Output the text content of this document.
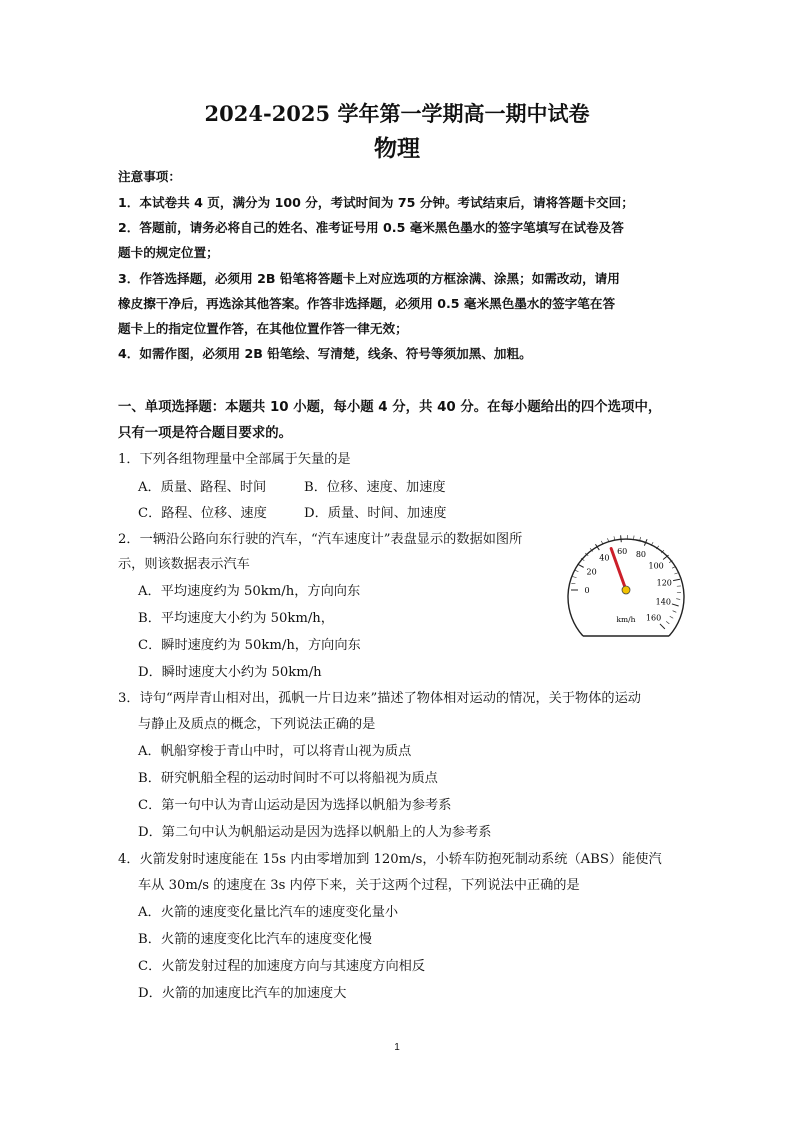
2024-2025 学年第一学期高一期中试卷
物理
注意事项：
1．本试卷共 4 页，满分为 100 分，考试时间为 75 分钟。考试结束后，请将答题卡交回；
2．答题前，请务必将自己的姓名、准考证号用 0.5 毫米黑色墨水的签字笔填写在试卷及答
题卡的规定位置；
3．作答选择题，必须用 2B 铅笔将答题卡上对应选项的方框涂满、涂黑；如需改动，请用
橡皮擦干净后，再选涂其他答案。作答非选择题，必须用 0.5 毫米黑色墨水的签字笔在答
题卡上的指定位置作答，在其他位置作答一律无效；
4．如需作图，必须用 2B 铅笔绘、写清楚，线条、符号等须加黑、加粗。
一、单项选择题：本题共 10 小题，每小题 4 分，共 40 分。在每小题给出的四个选项中，
只有一项是符合题目要求的。
1．下列各组物理量中全部属于矢量的是
A．质量、路程、时间	B．位移、速度、加速度
C．路程、位移、速度	D．质量、时间、加速度
2．一辆沿公路向东行驶的汽车，“汽车速度计”表盘显示的数据如图所
示，则该数据表示汽车
A．平均速度约为 50km/h，方向向东
B．平均速度大小约为 50km/h，
C．瞬时速度约为 50km/h，方向向东
D．瞬时速度大小约为 50km/h
0
20
40
60 80
100
120
140
160
km/h
3．诗句“两岸青山相对出，孤帆一片日边来”描述了物体相对运动的情况，关于物体的运动
与静止及质点的概念，下列说法正确的是
A．帆船穿梭于青山中时，可以将青山视为质点
B．研究帆船全程的运动时间时不可以将船视为质点
C．第一句中认为青山运动是因为选择以帆船为参考系
D．第二句中认为帆船运动是因为选择以帆船上的人为参考系
4．火箭发射时速度能在 15s 内由零增加到 120m/s，小轿车防抱死制动系统（ABS）能使汽
车从 30m/s 的速度在 3s 内停下来，关于这两个过程，下列说法中正确的是
A．火箭的速度变化量比汽车的速度变化量小
B．火箭的速度变化比汽车的速度变化慢
C．火箭发射过程的加速度方向与其速度方向相反
D．火箭的加速度比汽车的加速度大
1
